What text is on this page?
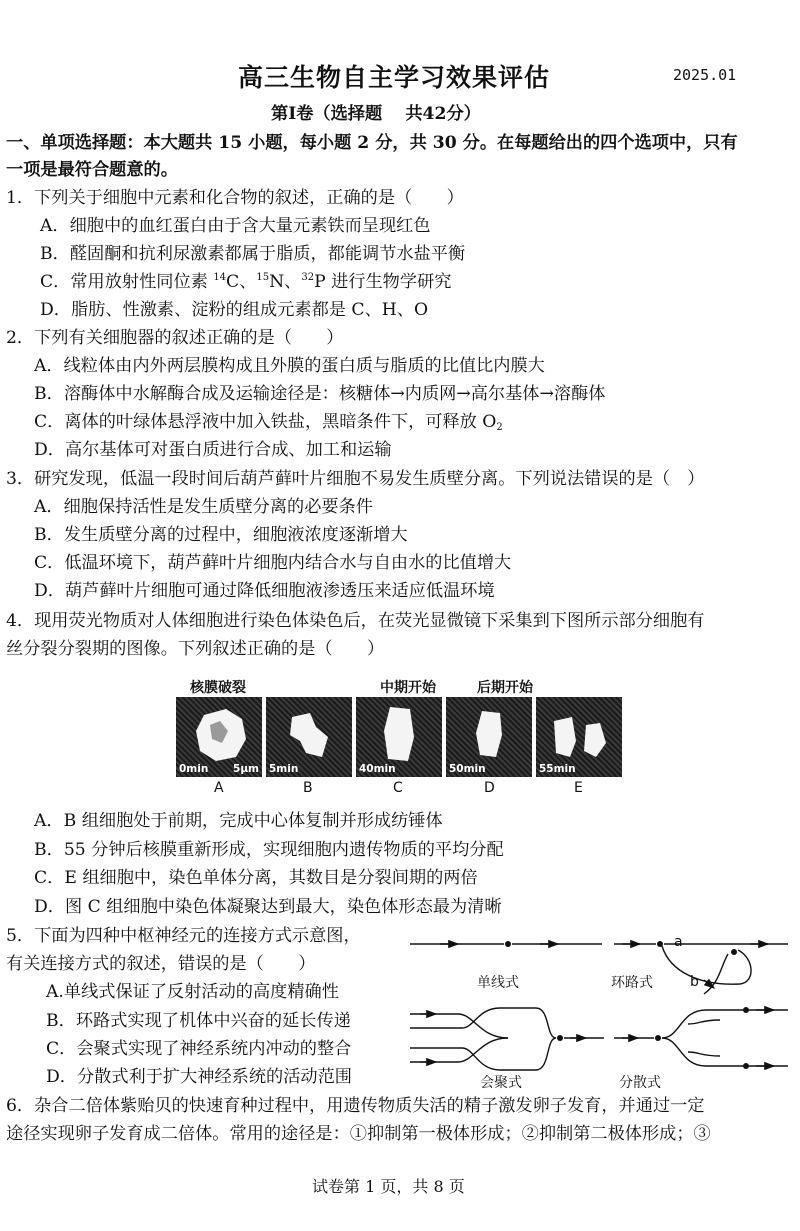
高三生物自主学习效果评估	2025.01
第Ⅰ卷（选择题　 共42分）
一、单项选择题：本大题共 15 小题，每小题 2 分，共 30 分。在每题给出的四个选项中，只有
一项是最符合题意的。
1．下列关于细胞中元素和化合物的叙述，正确的是（　　）
A．细胞中的血红蛋白由于含大量元素铁而呈现红色
B．醛固酮和抗利尿激素都属于脂质，都能调节水盐平衡
C．常用放射性同位素 $^{14}$C、$^{15}$N、$^{32}$P 进行生物学研究
D．脂肪、性激素、淀粉的组成元素都是 C、H、O
2．下列有关细胞器的叙述正确的是（　　）
A．线粒体由内外两层膜构成且外膜的蛋白质与脂质的比值比内膜大
B．溶酶体中水解酶合成及运输途径是：核糖体→内质网→高尔基体→溶酶体
C．离体的叶绿体悬浮液中加入铁盐，黑暗条件下，可释放 $O_2$
D．高尔基体可对蛋白质进行合成、加工和运输
3．研究发现，低温一段时间后葫芦藓叶片细胞不易发生质壁分离。下列说法错误的是（　）
A．细胞保持活性是发生质壁分离的必要条件
B．发生质壁分离的过程中，细胞液浓度逐渐增大
C．低温环境下，葫芦藓叶片细胞内结合水与自由水的比值增大
D．葫芦藓叶片细胞可通过降低细胞液渗透压来适应低温环境
4．现用荧光物质对人体细胞进行染色体染色后，在荧光显微镜下采集到下图所示部分细胞有
丝分裂分裂期的图像。下列叙述正确的是（　　）
核膜破裂	中期开始	后期开始
0min 5μm 5min	40min	50min	55min
A	B	C	D	E
A．B 组细胞处于前期，完成中心体复制并形成纺锤体
B．55 分钟后核膜重新形成，实现细胞内遗传物质的平均分配
C．E 组细胞中，染色单体分离，其数目是分裂间期的两倍
D．图 C 组细胞中染色体凝聚达到最大，染色体形态最为清晰
5．下面为四种中枢神经元的连接方式示意图，
有关连接方式的叙述，错误的是（　　）
A.单线式保证了反射活动的高度精确性
B．环路式实现了机体中兴奋的延长传递
C．会聚式实现了神经系统内冲动的整合
D．分散式利于扩大神经系统的活动范围
a
b
单线式	环路式
会聚式	分散式
6．杂合二倍体紫贻贝的快速育种过程中，用遗传物质失活的精子激发卵子发育，并通过一定
途径实现卵子发育成二倍体。常用的途径是：①抑制第一极体形成；②抑制第二极体形成；③
试卷第 1 页，共 8 页
